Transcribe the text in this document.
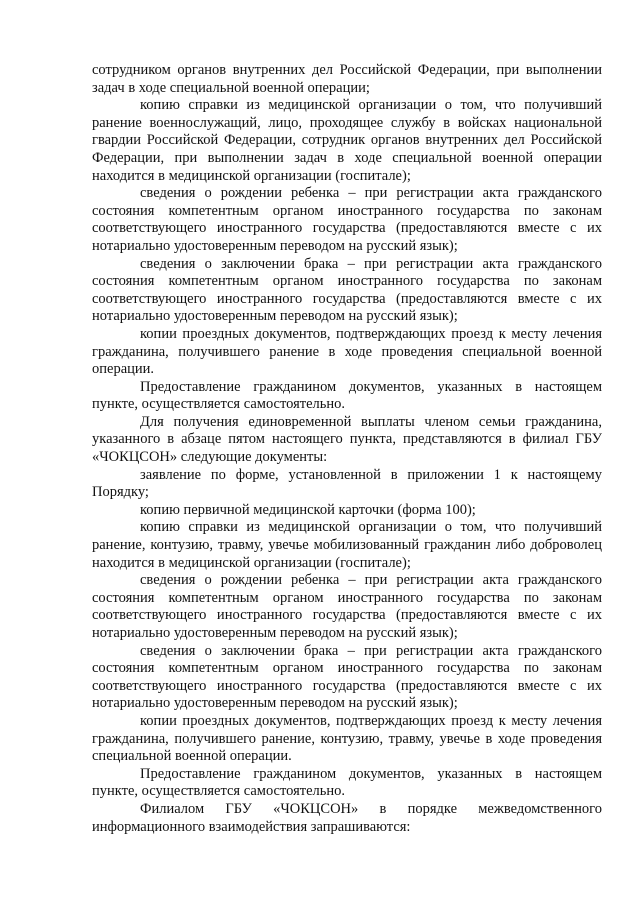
сотрудником органов внутренних дел Российской Федерации, при выполнении задач в ходе специальной военной операции;

копию справки из медицинской организации о том, что получивший ранение военнослужащий, лицо, проходящее службу в войсках национальной гвардии Российской Федерации, сотрудник органов внутренних дел Российской Федерации, при выполнении задач в ходе специальной военной операции находится в медицинской организации (госпитале);

сведения о рождении ребенка – при регистрации акта гражданского состояния компетентным органом иностранного государства по законам соответствующего иностранного государства (предоставляются вместе с их нотариально удостоверенным переводом на русский язык);

сведения о заключении брака – при регистрации акта гражданского состояния компетентным органом иностранного государства по законам соответствующего иностранного государства (предоставляются вместе с их нотариально удостоверенным переводом на русский язык);

копии проездных документов, подтверждающих проезд к месту лечения гражданина, получившего ранение в ходе проведения специальной военной операции.

Предоставление гражданином документов, указанных в настоящем пункте, осуществляется самостоятельно.

Для получения единовременной выплаты членом семьи гражданина, указанного в абзаце пятом настоящего пункта, представляются в филиал ГБУ «ЧОКЦСОН» следующие документы:

заявление по форме, установленной в приложении 1 к настоящему Порядку;

копию первичной медицинской карточки (форма 100);

копию справки из медицинской организации о том, что получивший ранение, контузию, травму, увечье мобилизованный гражданин либо доброволец находится в медицинской организации (госпитале);

сведения о рождении ребенка – при регистрации акта гражданского состояния компетентным органом иностранного государства по законам соответствующего иностранного государства (предоставляются вместе с их нотариально удостоверенным переводом на русский язык);

сведения о заключении брака – при регистрации акта гражданского состояния компетентным органом иностранного государства по законам соответствующего иностранного государства (предоставляются вместе с их нотариально удостоверенным переводом на русский язык);

копии проездных документов, подтверждающих проезд к месту лечения гражданина, получившего ранение, контузию, травму, увечье в ходе проведения специальной военной операции.

Предоставление гражданином документов, указанных в настоящем пункте, осуществляется самостоятельно.

Филиалом ГБУ «ЧОКЦСОН» в порядке межведомственного информационного взаимодействия запрашиваются:
